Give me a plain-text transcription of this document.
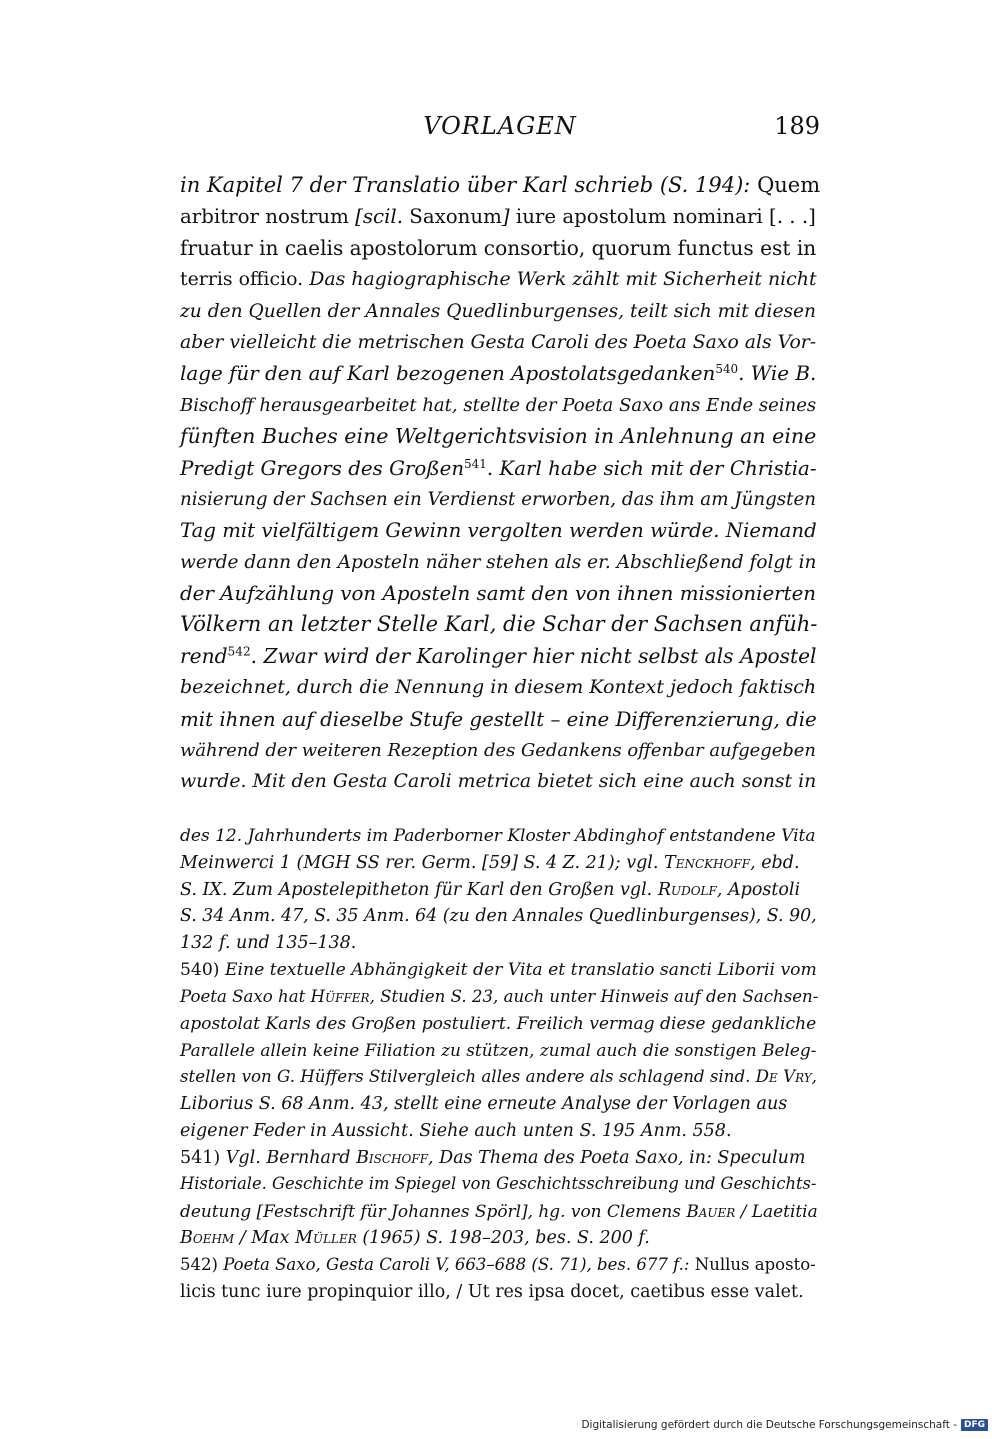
VORLAGEN	189
in Kapitel 7 der Translatio über Karl schrieb (S. 194): Quem
arbitror nostrum [scil. Saxonum] iure apostolum nominari [. . .]
fruatur in caelis apostolorum consortio, quorum functus est in
terris officio. Das hagiographische Werk zählt mit Sicherheit nicht
zu den Quellen der Annales Quedlinburgenses, teilt sich mit diesen
aber vielleicht die metrischen Gesta Caroli des Poeta Saxo als Vor-
lage für den auf Karl bezogenen Apostolatsgedanken$^{540}$. Wie B.
Bischoff herausgearbeitet hat, stellte der Poeta Saxo ans Ende seines
fünften Buches eine Weltgerichtsvision in Anlehnung an eine
Predigt Gregors des Großen$^{541}$. Karl habe sich mit der Christia-
nisierung der Sachsen ein Verdienst erworben, das ihm am Jüngsten
Tag mit vielfältigem Gewinn vergolten werden würde. Niemand
werde dann den Aposteln näher stehen als er. Abschließend folgt in
der Aufzählung von Aposteln samt den von ihnen missionierten
Völkern an letzter Stelle Karl, die Schar der Sachsen anfüh-
rend$^{542}$. Zwar wird der Karolinger hier nicht selbst als Apostel
bezeichnet, durch die Nennung in diesem Kontext jedoch faktisch
mit ihnen auf dieselbe Stufe gestellt – eine Differenzierung, die
während der weiteren Rezeption des Gedankens offenbar aufgegeben
wurde. Mit den Gesta Caroli metrica bietet sich eine auch sonst in
des 12. Jahrhunderts im Paderborner Kloster Abdinghof entstandene Vita
Meinwerci 1 (MGH SS rer. Germ. [59] S. 4 Z. 21); vgl. Tenckhoff, ebd.
S. IX. Zum Apostelepitheton für Karl den Großen vgl. Rudolf, Apostoli
S. 34 Anm. 47, S. 35 Anm. 64 (zu den Annales Quedlinburgenses), S. 90,
132 f. und 135–138.
540) Eine textuelle Abhängigkeit der Vita et translatio sancti Liborii vom
Poeta Saxo hat Hüffer, Studien S. 23, auch unter Hinweis auf den Sachsen-
apostolat Karls des Großen postuliert. Freilich vermag diese gedankliche
Parallele allein keine Filiation zu stützen, zumal auch die sonstigen Beleg-
stellen von G. Hüffers Stilvergleich alles andere als schlagend sind. De Vry,
Liborius S. 68 Anm. 43, stellt eine erneute Analyse der Vorlagen aus
eigener Feder in Aussicht. Siehe auch unten S. 195 Anm. 558.
541) Vgl. Bernhard Bischoff, Das Thema des Poeta Saxo, in: Speculum
Historiale. Geschichte im Spiegel von Geschichtsschreibung und Geschichts-
deutung [Festschrift für Johannes Spörl], hg. von Clemens Bauer / Laetitia
Boehm / Max Müller (1965) S. 198–203, bes. S. 200 f.
542) Poeta Saxo, Gesta Caroli V, 663–688 (S. 71), bes. 677 f.: Nullus aposto-
licis tunc iure propinquior illo, / Ut res ipsa docet, caetibus esse valet.
Digitalisierung gefördert durch die Deutsche Forschungsgemeinschaft - DFG
